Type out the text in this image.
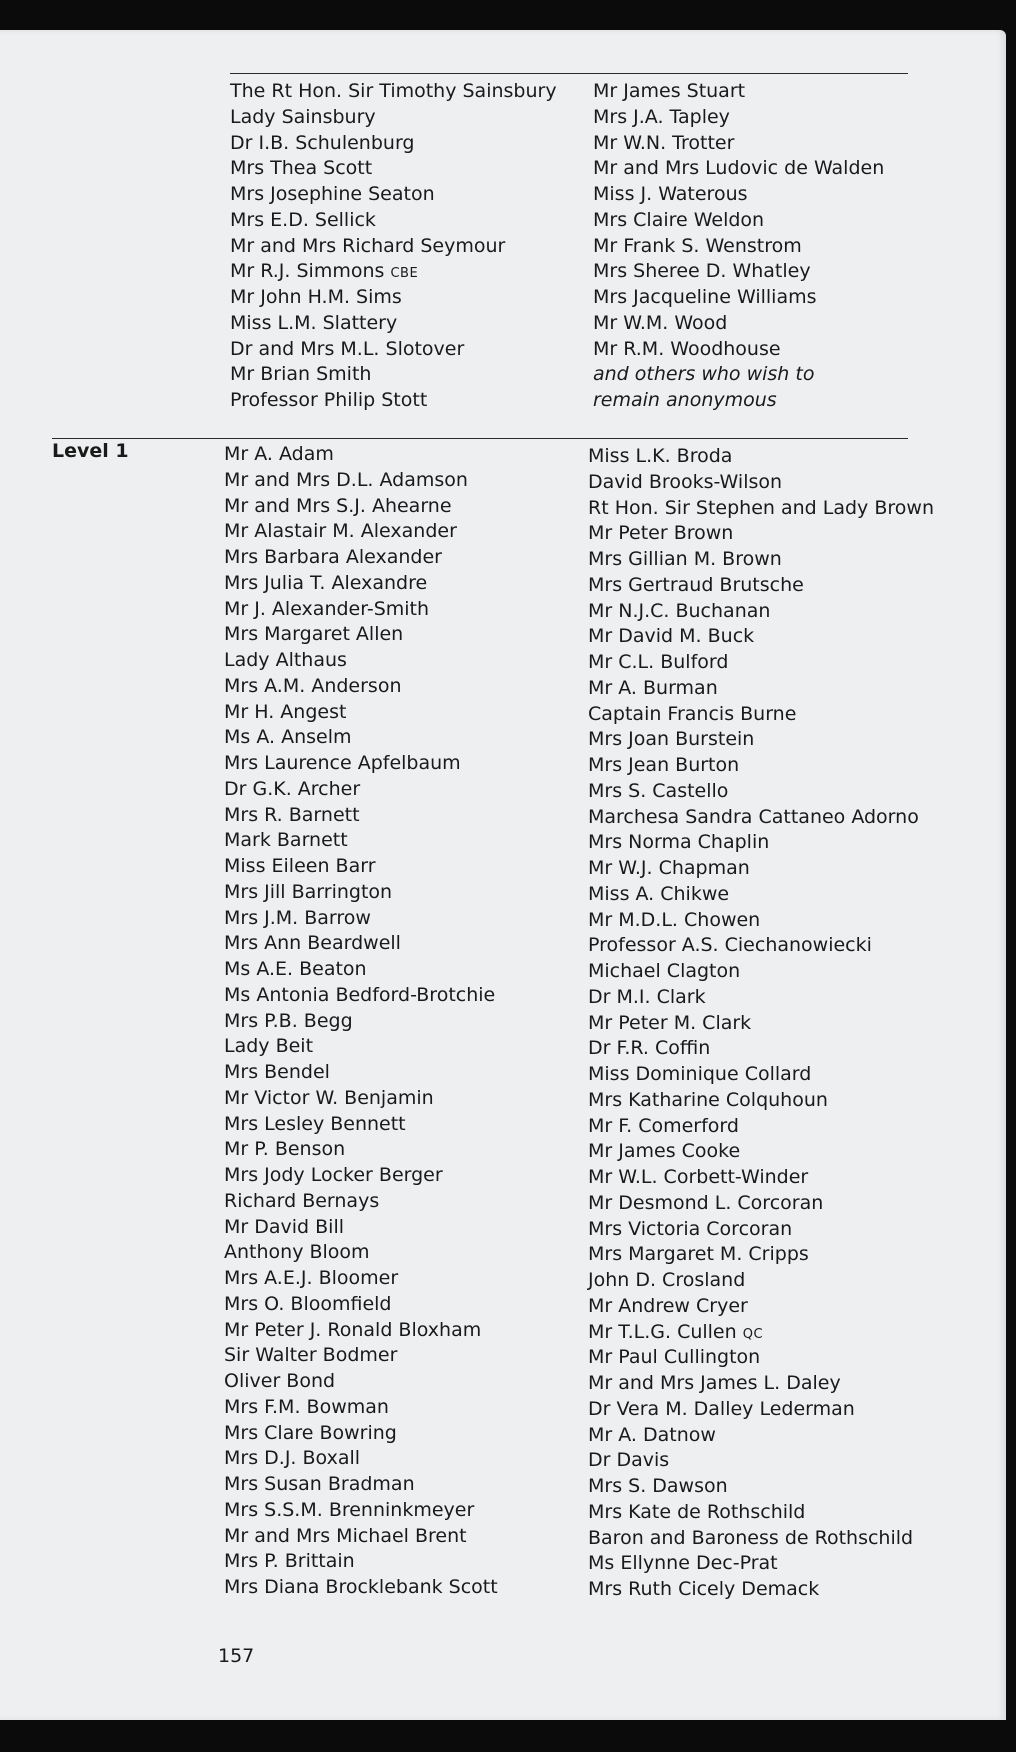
The Rt Hon. Sir Timothy Sainsbury
Lady Sainsbury
Dr I.B. Schulenburg
Mrs Thea Scott
Mrs Josephine Seaton
Mrs E.D. Sellick
Mr and Mrs Richard Seymour
Mr R.J. Simmons CBE
Mr John H.M. Sims
Miss L.M. Slattery
Dr and Mrs M.L. Slotover
Mr Brian Smith
Professor Philip Stott
Mr James Stuart
Mrs J.A. Tapley
Mr W.N. Trotter
Mr and Mrs Ludovic de Walden
Miss J. Waterous
Mrs Claire Weldon
Mr Frank S. Wenstrom
Mrs Sheree D. Whatley
Mrs Jacqueline Williams
Mr W.M. Wood
Mr R.M. Woodhouse
and others who wish to
remain anonymous
Level 1	Mr A. Adam
Mr and Mrs D.L. Adamson
Mr and Mrs S.J. Ahearne
Mr Alastair M. Alexander
Mrs Barbara Alexander
Mrs Julia T. Alexandre
Mr J. Alexander-Smith
Mrs Margaret Allen
Lady Althaus
Mrs A.M. Anderson
Mr H. Angest
Ms A. Anselm
Mrs Laurence Apfelbaum
Dr G.K. Archer
Mrs R. Barnett
Mark Barnett
Miss Eileen Barr
Mrs Jill Barrington
Mrs J.M. Barrow
Mrs Ann Beardwell
Ms A.E. Beaton
Ms Antonia Bedford-Brotchie
Mrs P.B. Begg
Lady Beit
Mrs Bendel
Mr Victor W. Benjamin
Mrs Lesley Bennett
Mr P. Benson
Mrs Jody Locker Berger
Richard Bernays
Mr David Bill
Anthony Bloom
Mrs A.E.J. Bloomer
Mrs O. Bloomfield
Mr Peter J. Ronald Bloxham
Sir Walter Bodmer
Oliver Bond
Mrs F.M. Bowman
Mrs Clare Bowring
Mrs D.J. Boxall
Mrs Susan Bradman
Mrs S.S.M. Brenninkmeyer
Mr and Mrs Michael Brent
Mrs P. Brittain
Mrs Diana Brocklebank Scott
Miss L.K. Broda
David Brooks-Wilson
Rt Hon. Sir Stephen and Lady Brown
Mr Peter Brown
Mrs Gillian M. Brown
Mrs Gertraud Brutsche
Mr N.J.C. Buchanan
Mr David M. Buck
Mr C.L. Bulford
Mr A. Burman
Captain Francis Burne
Mrs Joan Burstein
Mrs Jean Burton
Mrs S. Castello
Marchesa Sandra Cattaneo Adorno
Mrs Norma Chaplin
Mr W.J. Chapman
Miss A. Chikwe
Mr M.D.L. Chowen
Professor A.S. Ciechanowiecki
Michael Clagton
Dr M.I. Clark
Mr Peter M. Clark
Dr F.R. Coffin
Miss Dominique Collard
Mrs Katharine Colquhoun
Mr F. Comerford
Mr James Cooke
Mr W.L. Corbett-Winder
Mr Desmond L. Corcoran
Mrs Victoria Corcoran
Mrs Margaret M. Cripps
John D. Crosland
Mr Andrew Cryer
Mr T.L.G. Cullen QC
Mr Paul Cullington
Mr and Mrs James L. Daley
Dr Vera M. Dalley Lederman
Mr A. Datnow
Dr Davis
Mrs S. Dawson
Mrs Kate de Rothschild
Baron and Baroness de Rothschild
Ms Ellynne Dec-Prat
Mrs Ruth Cicely Demack
157
